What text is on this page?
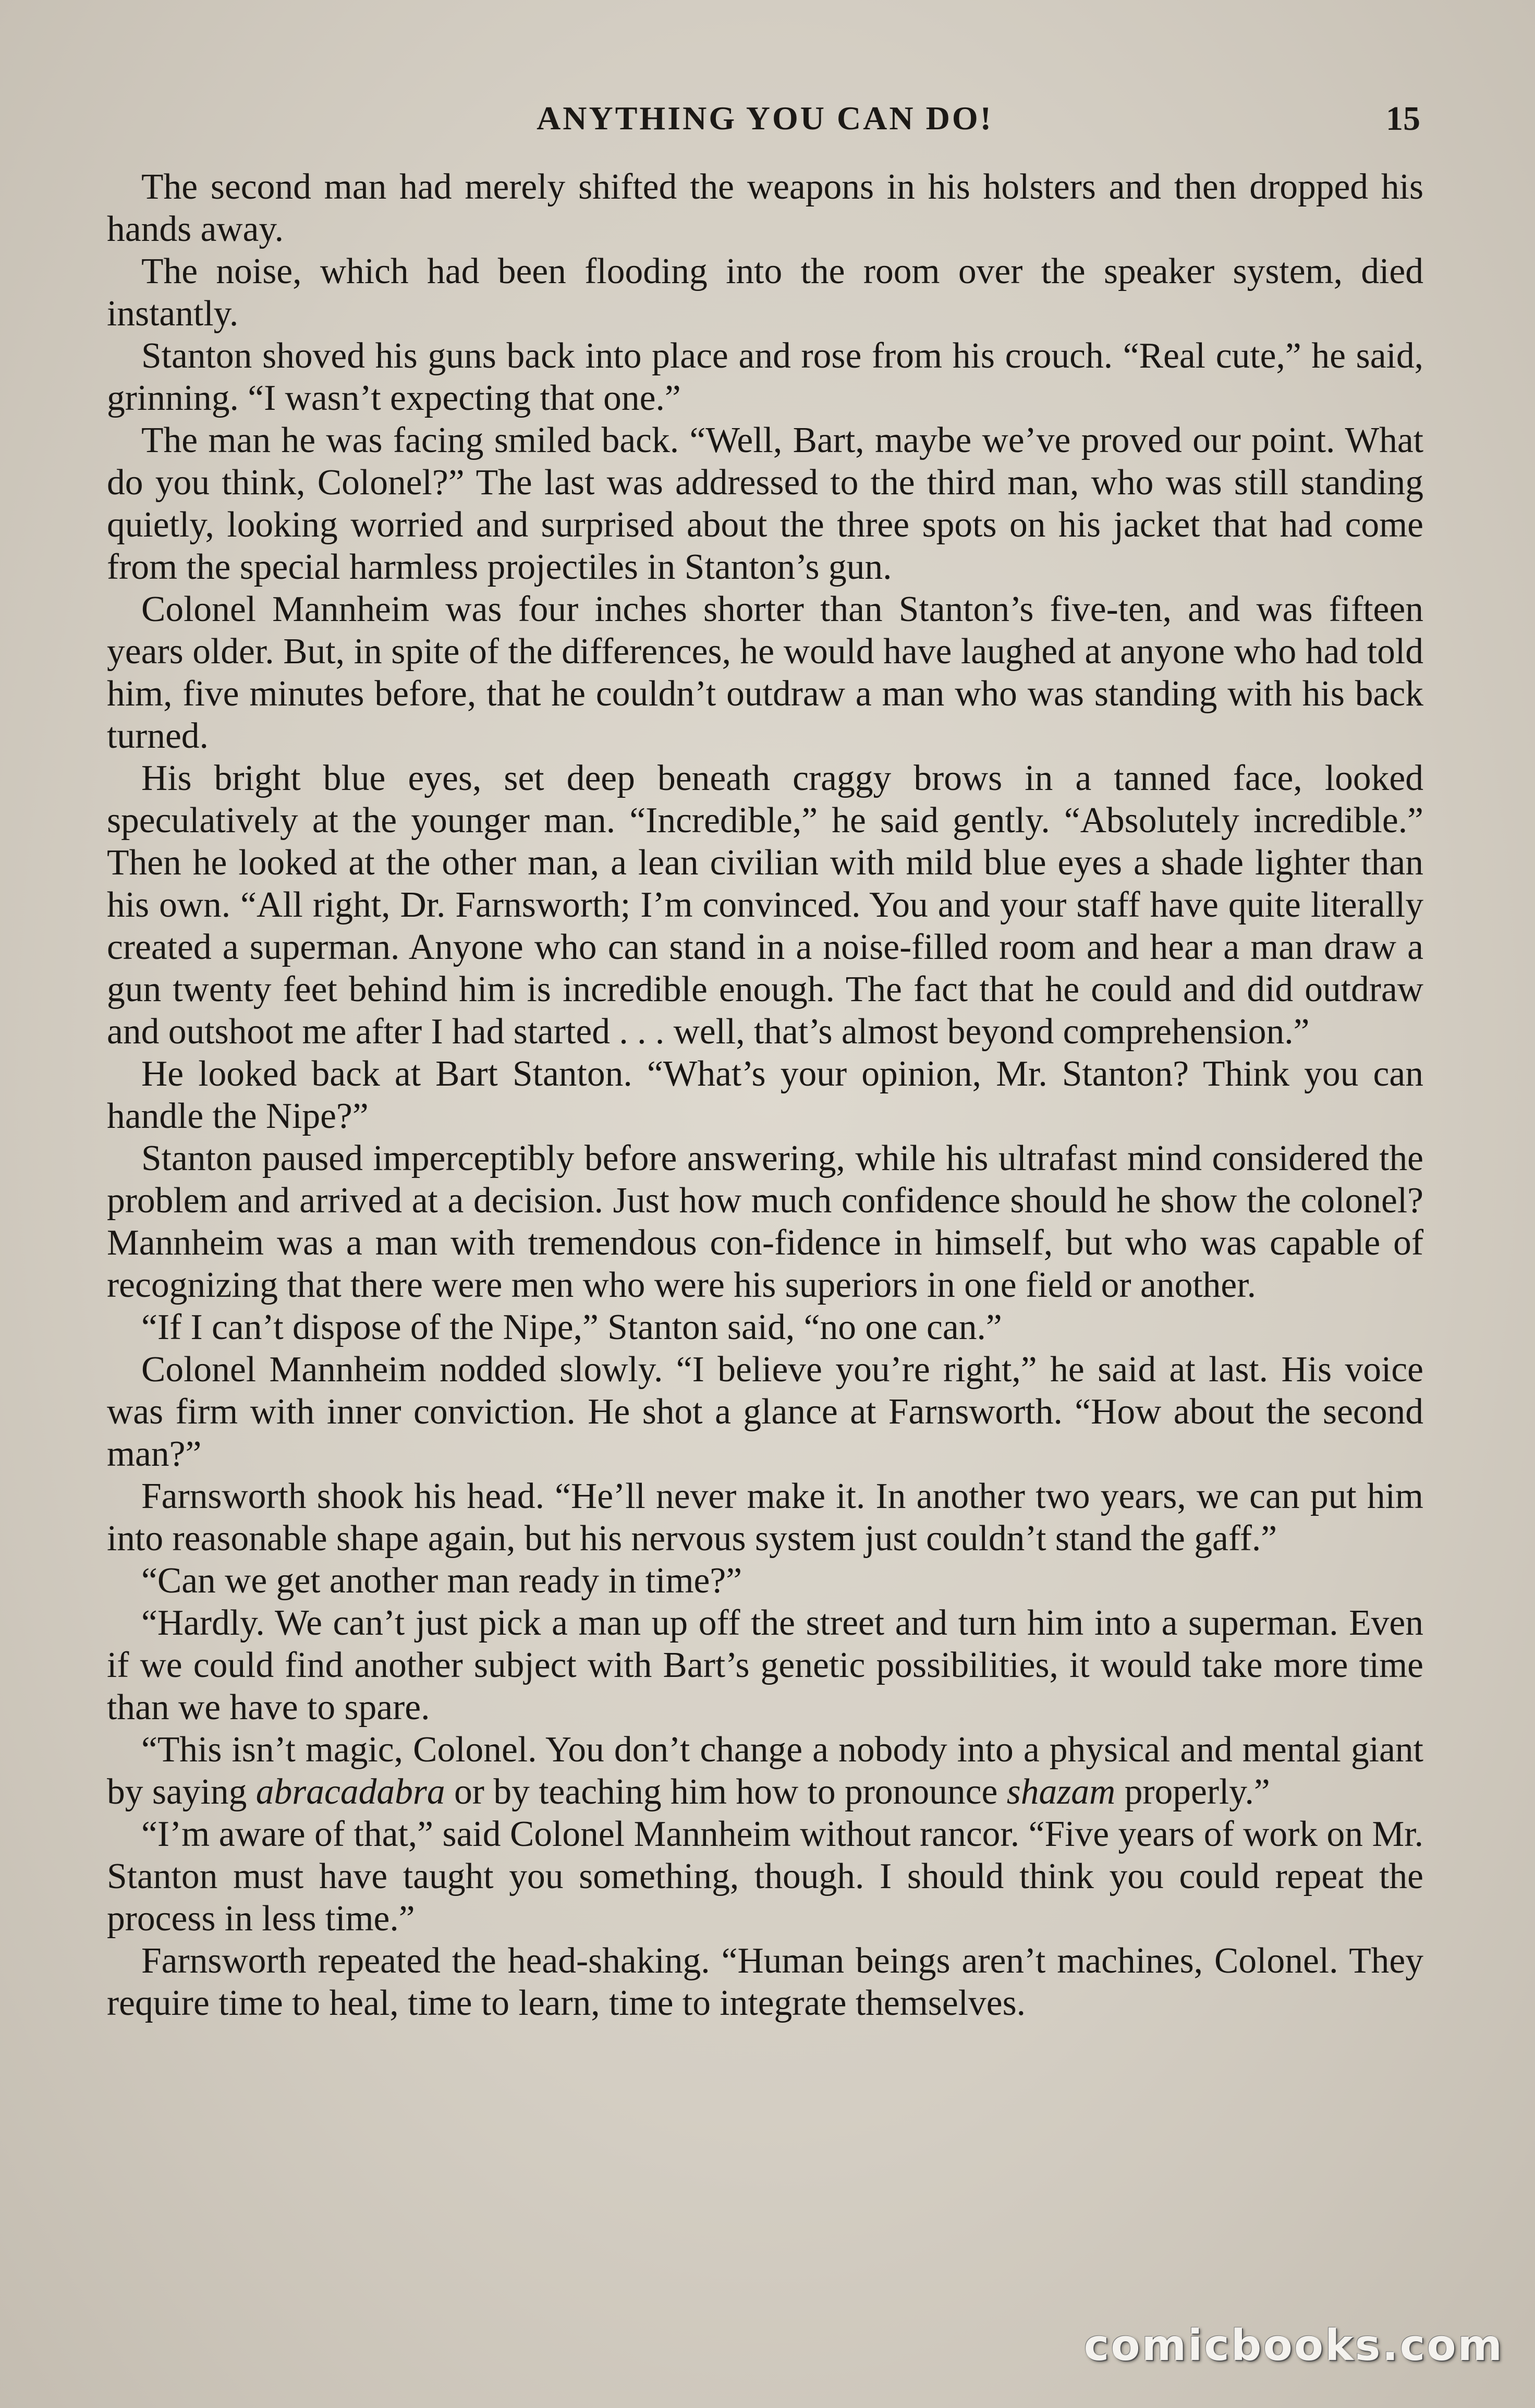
ANYTHING YOU CAN DO!	15

The second man had merely shifted the weapons in his holsters and then dropped his hands away.

The noise, which had been flooding into the room over the speaker system, died instantly.

Stanton shoved his guns back into place and rose from his crouch. “Real cute,” he said, grinning. “I wasn’t expecting that one.”

The man he was facing smiled back. “Well, Bart, maybe we’ve proved our point. What do you think, Colonel?” The last was addressed to the third man, who was still standing quietly, looking worried and surprised about the three spots on his jacket that had come from the special harmless projectiles in Stanton’s gun.

Colonel Mannheim was four inches shorter than Stanton’s five-ten, and was fifteen years older. But, in spite of the differences, he would have laughed at anyone who had told him, five minutes before, that he couldn’t outdraw a man who was standing with his back turned.

His bright blue eyes, set deep beneath craggy brows in a tanned face, looked speculatively at the younger man. “Incredible,” he said gently. “Absolutely incredible.” Then he looked at the other man, a lean civilian with mild blue eyes a shade lighter than his own. “All right, Dr. Farnsworth; I’m convinced. You and your staff have quite literally created a superman. Anyone who can stand in a noise-filled room and hear a man draw a gun twenty feet behind him is incredible enough. The fact that he could and did outdraw and outshoot me after I had started . . . well, that’s almost beyond comprehension.”

He looked back at Bart Stanton. “What’s your opinion, Mr. Stanton? Think you can handle the Nipe?”

Stanton paused imperceptibly before answering, while his ultrafast mind considered the problem and arrived at a decision. Just how much confidence should he show the colonel? Mannheim was a man with tremendous con-fidence in himself, but who was capable of recognizing that there were men who were his superiors in one field or another.

“If I can’t dispose of the Nipe,” Stanton said, “no one can.”

Colonel Mannheim nodded slowly. “I believe you’re right,” he said at last. His voice was firm with inner conviction. He shot a glance at Farnsworth. “How about the second man?”

Farnsworth shook his head. “He’ll never make it. In another two years, we can put him into reasonable shape again, but his nervous system just couldn’t stand the gaff.”

“Can we get another man ready in time?”

“Hardly. We can’t just pick a man up off the street and turn him into a superman. Even if we could find another subject with Bart’s genetic possibilities, it would take more time than we have to spare.

“This isn’t magic, Colonel. You don’t change a nobody into a physical and mental giant by saying abracadabra or by teaching him how to pronounce shazam properly.”

“I’m aware of that,” said Colonel Mannheim without rancor. “Five years of work on Mr. Stanton must have taught you something, though. I should think you could repeat the process in less time.”

Farnsworth repeated the head-shaking. “Human beings aren’t machines, Colonel. They require time to heal, time to learn, time to integrate themselves.

comicbooks.com
